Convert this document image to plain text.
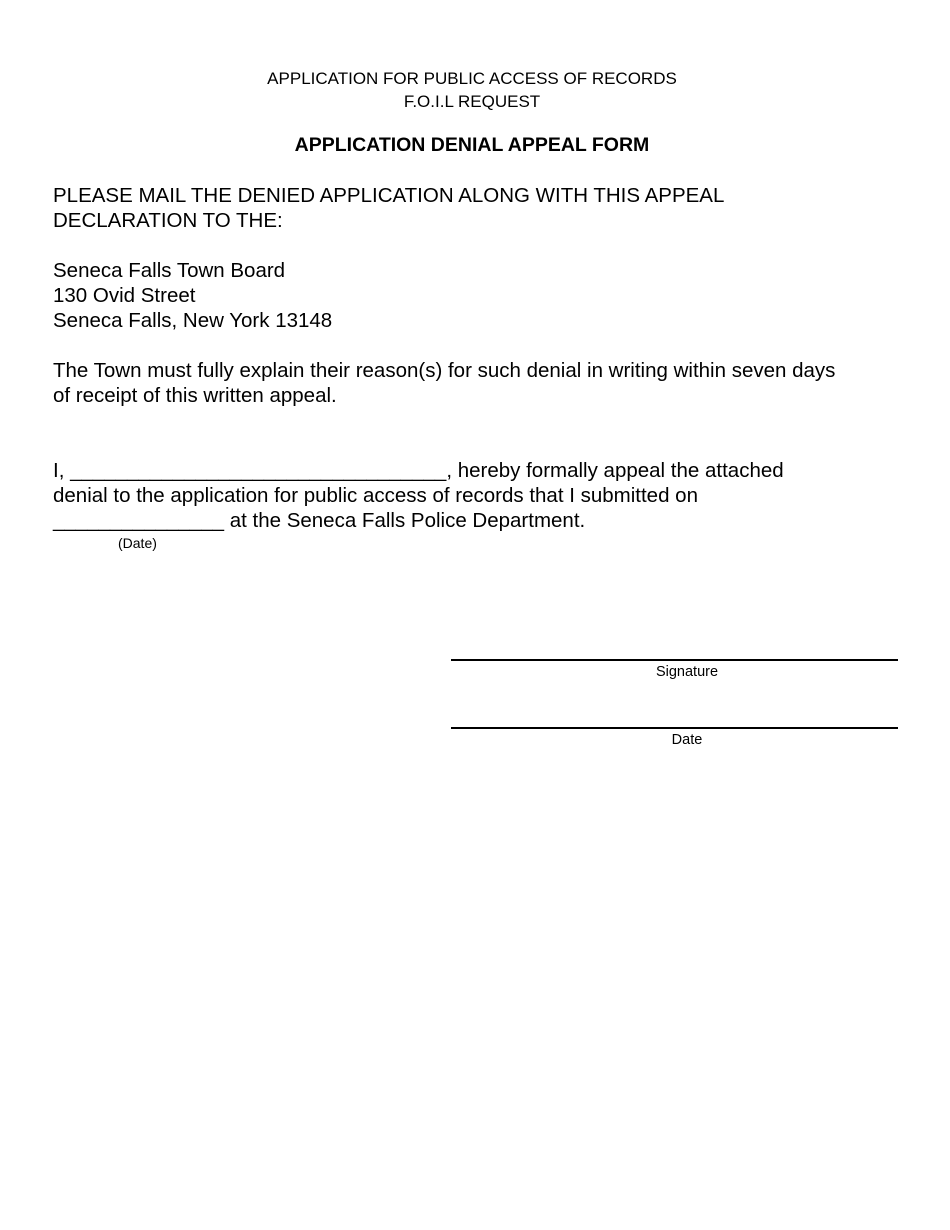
APPLICATION FOR PUBLIC ACCESS OF RECORDS
F.O.I.L REQUEST
APPLICATION DENIAL APPEAL FORM
PLEASE MAIL THE DENIED APPLICATION ALONG WITH THIS APPEAL
DECLARATION TO THE:
Seneca Falls Town Board
130 Ovid Street
Seneca Falls, New York 13148
The Town must fully explain their reason(s) for such denial in writing within seven days
of receipt of this written appeal.
I, _________________________________, hereby formally appeal the attached
denial to the application for public access of records that I submitted on
_______________ at the Seneca Falls Police Department.
(Date)
Signature
Date
